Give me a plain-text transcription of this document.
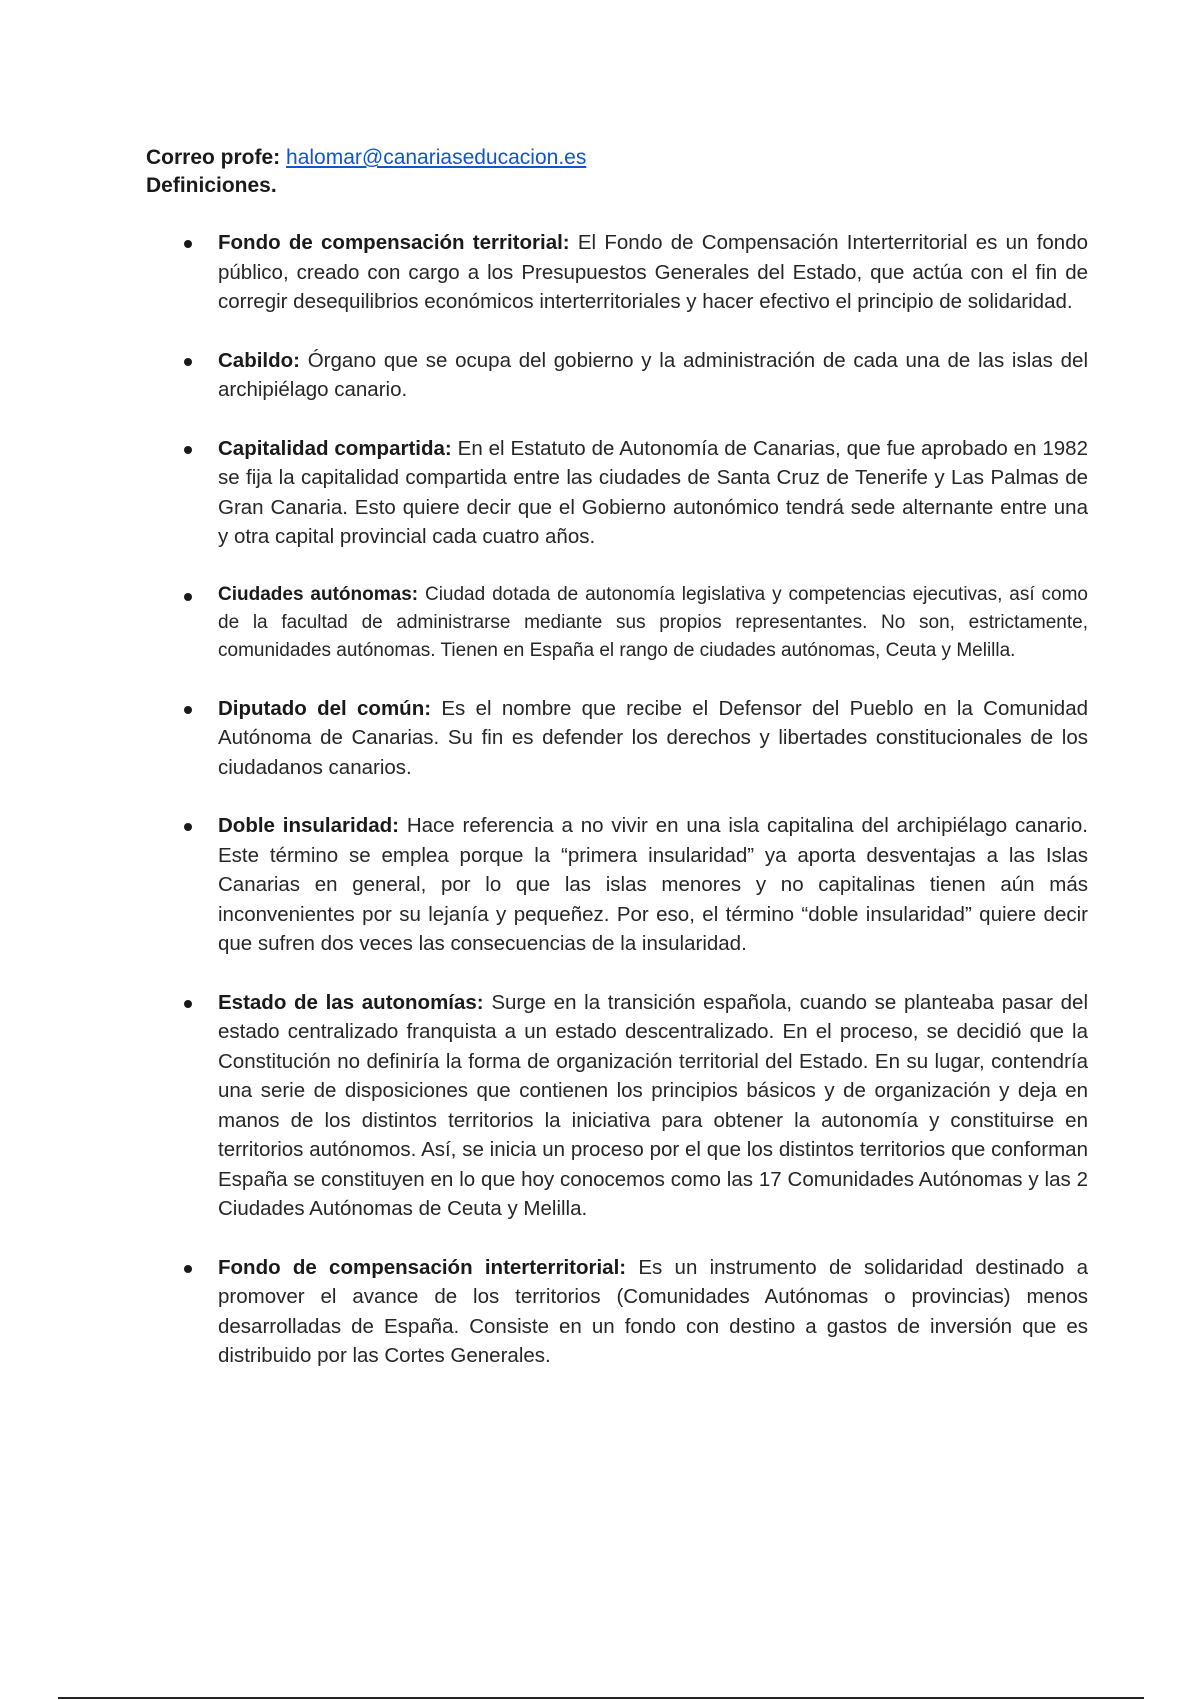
Correo profe: halomar@canariaseducacion.es
Definiciones.
Fondo de compensación territorial: El Fondo de Compensación Interterritorial es un fondo público, creado con cargo a los Presupuestos Generales del Estado, que actúa con el fin de corregir desequilibrios económicos interterritoriales y hacer efectivo el principio de solidaridad.
Cabildo: Órgano que se ocupa del gobierno y la administración de cada una de las islas del archipiélago canario.
Capitalidad compartida: En el Estatuto de Autonomía de Canarias, que fue aprobado en 1982 se fija la capitalidad compartida entre las ciudades de Santa Cruz de Tenerife y Las Palmas de Gran Canaria. Esto quiere decir que el Gobierno autonómico tendrá sede alternante entre una y otra capital provincial cada cuatro años.
Ciudades autónomas: Ciudad dotada de autonomía legislativa y competencias ejecutivas, así como de la facultad de administrarse mediante sus propios representantes. No son, estrictamente, comunidades autónomas. Tienen en España el rango de ciudades autónomas, Ceuta y Melilla.
Diputado del común: Es el nombre que recibe el Defensor del Pueblo en la Comunidad Autónoma de Canarias. Su fin es defender los derechos y libertades constitucionales de los ciudadanos canarios.
Doble insularidad: Hace referencia a no vivir en una isla capitalina del archipiélago canario. Este término se emplea porque la “primera insularidad” ya aporta desventajas a las Islas Canarias en general, por lo que las islas menores y no capitalinas tienen aún más inconvenientes por su lejanía y pequeñez. Por eso, el término “doble insularidad” quiere decir que sufren dos veces las consecuencias de la insularidad.
Estado de las autonomías: Surge en la transición española, cuando se planteaba pasar del estado centralizado franquista a un estado descentralizado. En el proceso, se decidió que la Constitución no definiría la forma de organización territorial del Estado. En su lugar, contendría una serie de disposiciones que contienen los principios básicos y de organización y deja en manos de los distintos territorios la iniciativa para obtener la autonomía y constituirse en territorios autónomos. Así, se inicia un proceso por el que los distintos territorios que conforman España se constituyen en lo que hoy conocemos como las 17 Comunidades Autónomas y las 2 Ciudades Autónomas de Ceuta y Melilla.
Fondo de compensación interterritorial: Es un instrumento de solidaridad destinado a promover el avance de los territorios (Comunidades Autónomas o provincias) menos desarrolladas de España. Consiste en un fondo con destino a gastos de inversión que es distribuido por las Cortes Generales.
